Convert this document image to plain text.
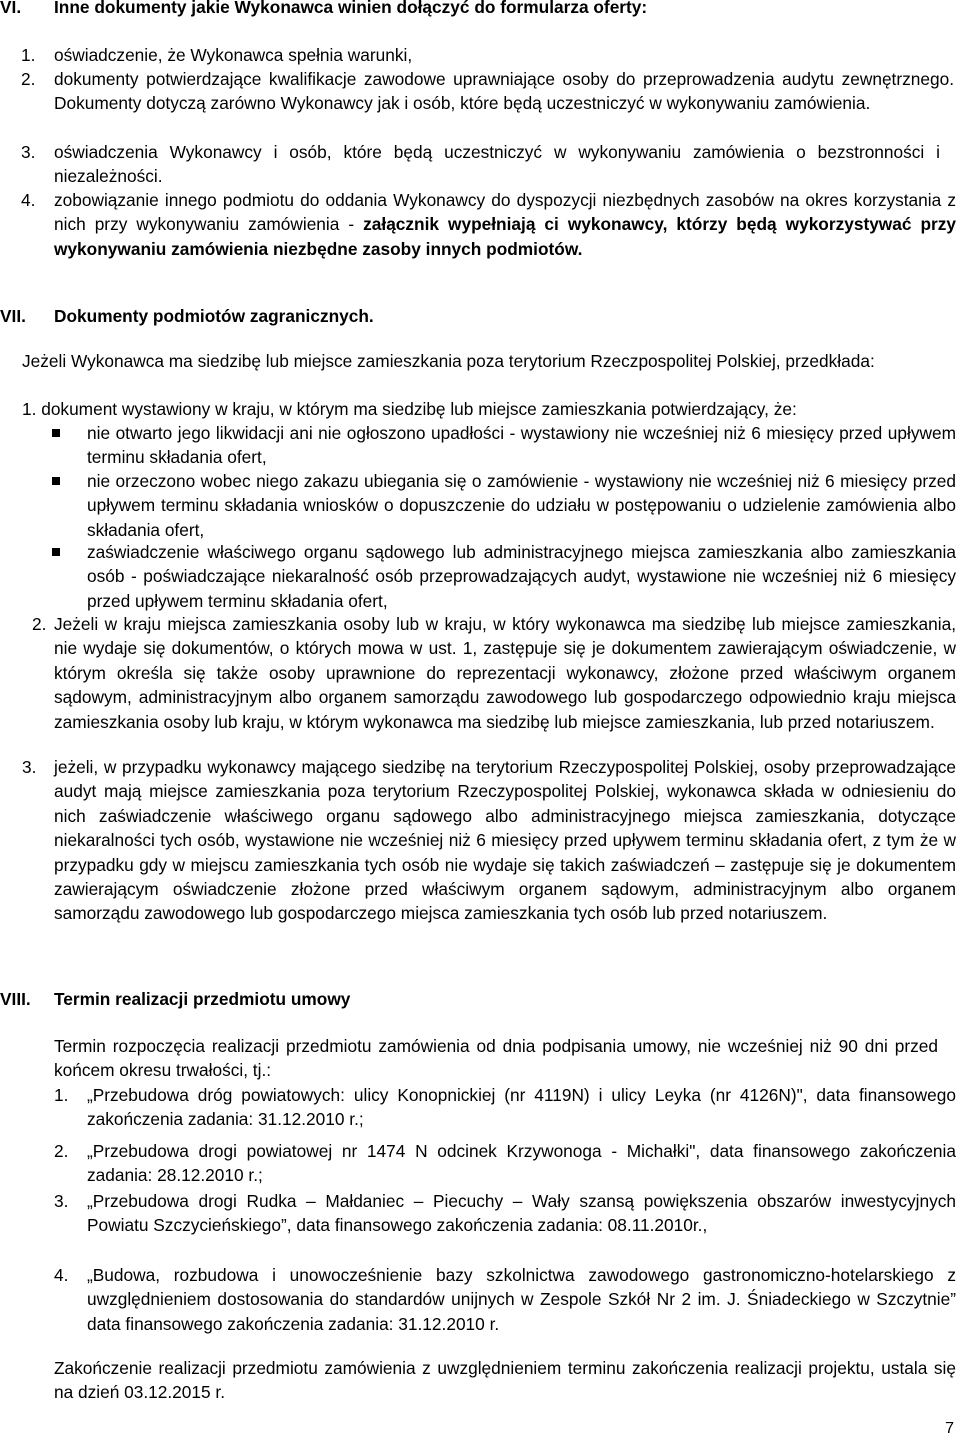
VI. Inne dokumenty jakie Wykonawca winien dołączyć do formularza oferty:
1. oświadczenie, że Wykonawca spełnia warunki,
2. dokumenty potwierdzające kwalifikacje zawodowe uprawniające osoby do przeprowadzenia audytu zewnętrznego. Dokumenty dotyczą zarówno Wykonawcy jak i osób, które będą uczestniczyć w wykonywaniu zamówienia.
3. oświadczenia Wykonawcy i osób, które będą uczestniczyć w wykonywaniu zamówienia o bezstronności i niezależności.
4. zobowiązanie innego podmiotu do oddania Wykonawcy do dyspozycji niezbędnych zasobów na okres korzystania z nich przy wykonywaniu zamówienia - załącznik wypełniają ci wykonawcy, którzy będą wykorzystywać przy wykonywaniu zamówienia niezbędne zasoby innych podmiotów.
VII. Dokumenty podmiotów zagranicznych.
Jeżeli Wykonawca ma siedzibę lub miejsce zamieszkania poza terytorium Rzeczpospolitej Polskiej, przedkłada:
1. dokument wystawiony w kraju, w którym ma siedzibę lub miejsce zamieszkania potwierdzający, że:
nie otwarto jego likwidacji ani nie ogłoszono upadłości - wystawiony nie wcześniej niż 6 miesięcy przed upływem terminu składania ofert,
nie orzeczono wobec niego zakazu ubiegania się o zamówienie - wystawiony nie wcześniej niż 6 miesięcy przed upływem terminu składania wniosków o dopuszczenie do udziału w postępowaniu o udzielenie zamówienia albo składania ofert,
zaświadczenie właściwego organu sądowego lub administracyjnego miejsca zamieszkania albo zamieszkania osób - poświadczające niekaralność osób przeprowadzających audyt, wystawione nie wcześniej niż 6 miesięcy przed upływem terminu składania ofert,
2. Jeżeli w kraju miejsca zamieszkania osoby lub w kraju, w który wykonawca ma siedzibę lub miejsce zamieszkania, nie wydaje się dokumentów, o których mowa w ust. 1, zastępuje się je dokumentem zawierającym oświadczenie, w którym określa się także osoby uprawnione do reprezentacji wykonawcy, złożone przed właściwym organem sądowym, administracyjnym albo organem samorządu zawodowego lub gospodarczego odpowiednio kraju miejsca zamieszkania osoby lub kraju, w którym wykonawca ma siedzibę lub miejsce zamieszkania, lub przed notariuszem.
3. jeżeli, w przypadku wykonawcy mającego siedzibę na terytorium Rzeczypospolitej Polskiej, osoby przeprowadzające audyt mają miejsce zamieszkania poza terytorium Rzeczypospolitej Polskiej, wykonawca składa w odniesieniu do nich zaświadczenie właściwego organu sądowego albo administracyjnego miejsca zamieszkania, dotyczące niekaralności tych osób, wystawione nie wcześniej niż 6 miesięcy przed upływem terminu składania ofert, z tym że w przypadku gdy w miejscu zamieszkania tych osób nie wydaje się takich zaświadczeń – zastępuje się je dokumentem zawierającym oświadczenie złożone przed właściwym organem sądowym, administracyjnym albo organem samorządu zawodowego lub gospodarczego miejsca zamieszkania tych osób lub przed notariuszem.
VIII. Termin realizacji przedmiotu umowy
Termin rozpoczęcia realizacji przedmiotu zamówienia od dnia podpisania umowy, nie wcześniej niż 90 dni przed końcem okresu trwałości, tj.:
1. „Przebudowa dróg powiatowych: ulicy Konopnickiej (nr 4119N) i ulicy Leyka (nr 4126N)", data finansowego zakończenia zadania: 31.12.2010 r.;
2. „Przebudowa drogi powiatowej nr 1474 N odcinek Krzywonoga - Michałki", data finansowego zakończenia zadania: 28.12.2010 r.;
3. „Przebudowa drogi Rudka – Małdaniec – Piecuchy – Wały szansą powiększenia obszarów inwestycyjnych Powiatu Szczycieńskiego”, data finansowego zakończenia zadania: 08.11.2010r.,
4. „Budowa, rozbudowa i unowocześnienie bazy szkolnictwa zawodowego gastronomiczno-hotelarskiego z uwzględnieniem dostosowania do standardów unijnych w Zespole Szkół Nr 2 im. J. Śniadeckiego w Szczytnie” data finansowego zakończenia zadania: 31.12.2010 r.
Zakończenie realizacji przedmiotu zamówienia z uwzględnieniem terminu zakończenia realizacji projektu, ustala się na dzień 03.12.2015 r.
7
